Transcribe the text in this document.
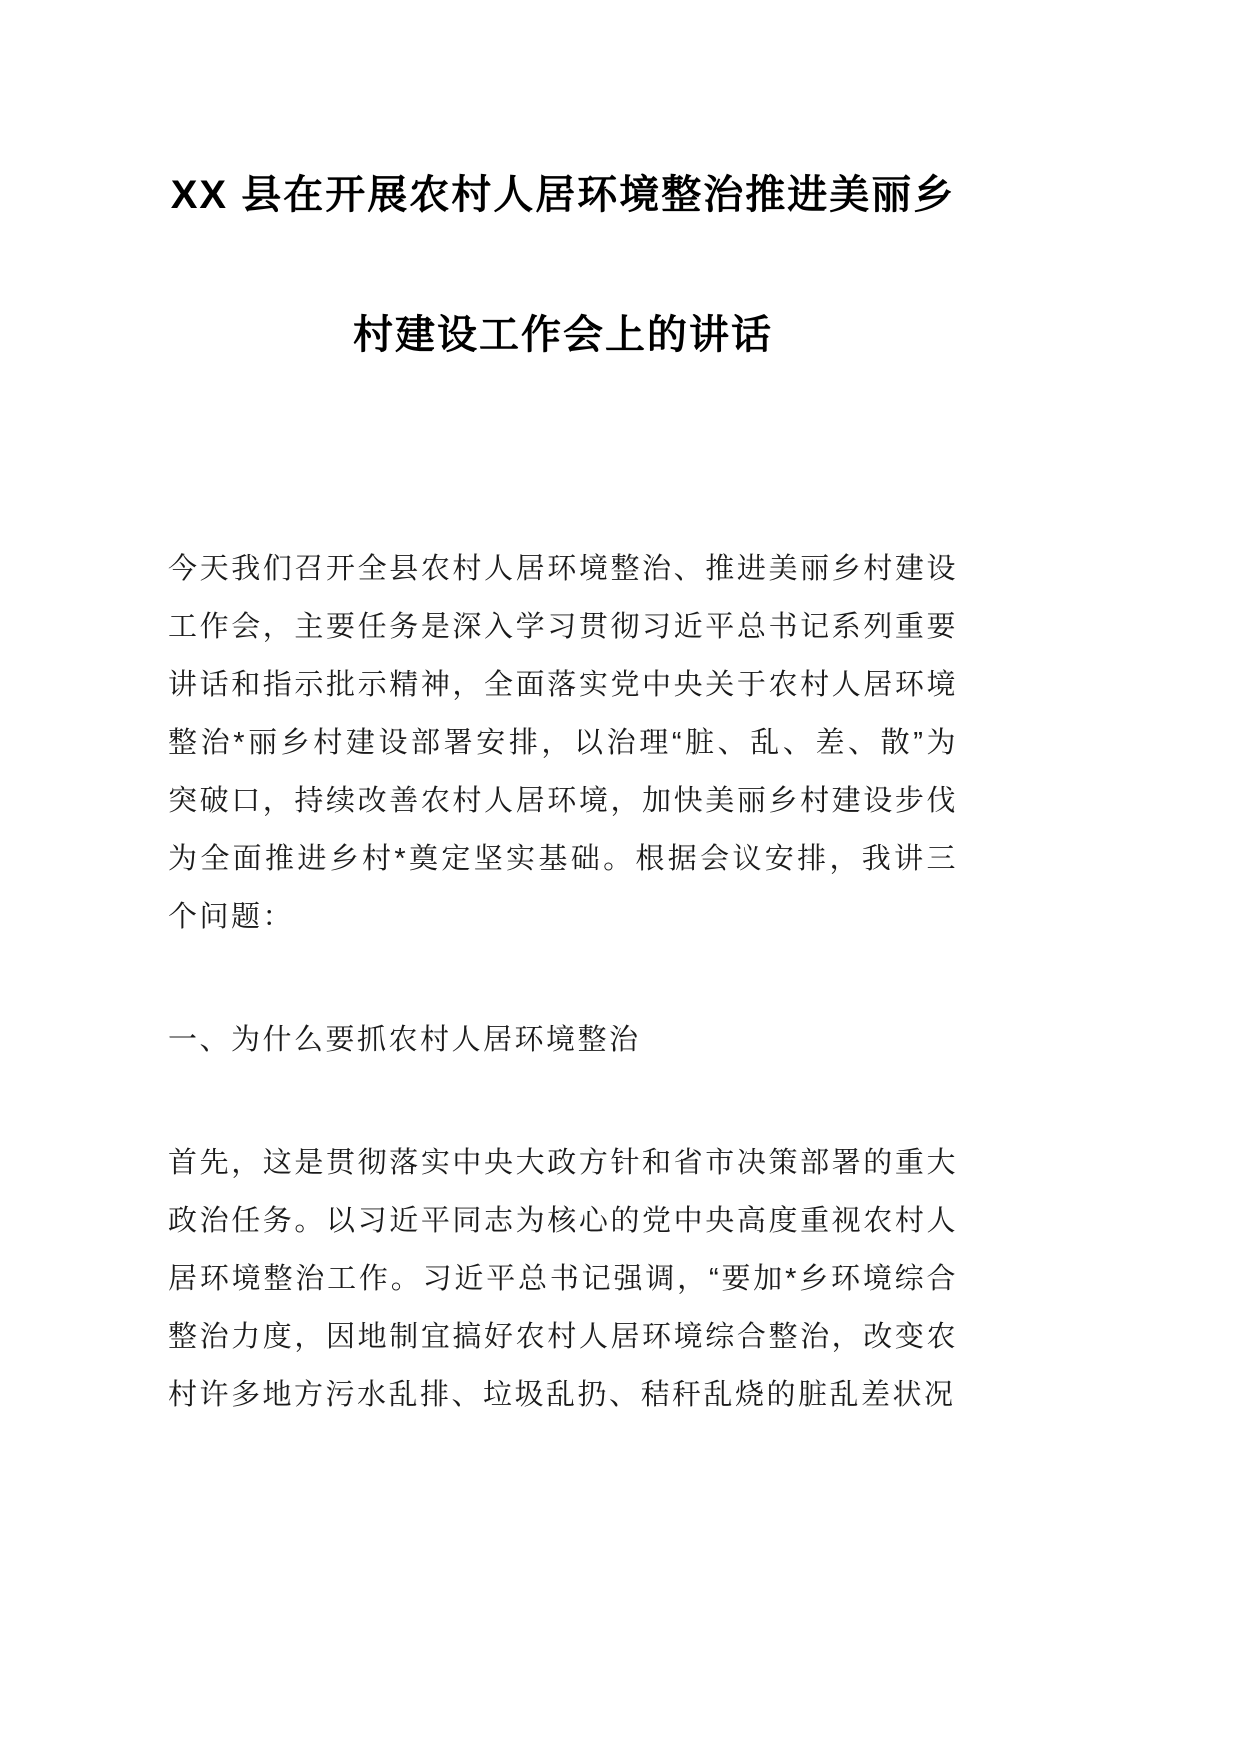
XX 县在开展农村人居环境整治推进美丽乡
村建设工作会上的讲话

今天我们召开全县农村人居环境整治、推进美丽乡村建设工作会，主要任务是深入学习贯彻习近平总书记系列重要讲话和指示批示精神，全面落实党中央关于农村人居环境整治*丽乡村建设部署安排，以治理“脏、乱、差、散”为突破口，持续改善农村人居环境，加快美丽乡村建设步伐为全面推进乡村*奠定坚实基础。根据会议安排，我讲三个问题：

一、为什么要抓农村人居环境整治

首先，这是贯彻落实中央大政方针和省市决策部署的重大政治任务。以习近平同志为核心的党中央高度重视农村人居环境整治工作。习近平总书记强调，“要加*乡环境综合整治力度，因地制宜搞好农村人居环境综合整治，改变农村许多地方污水乱排、垃圾乱扔、秸秆乱烧的脏乱差状况
